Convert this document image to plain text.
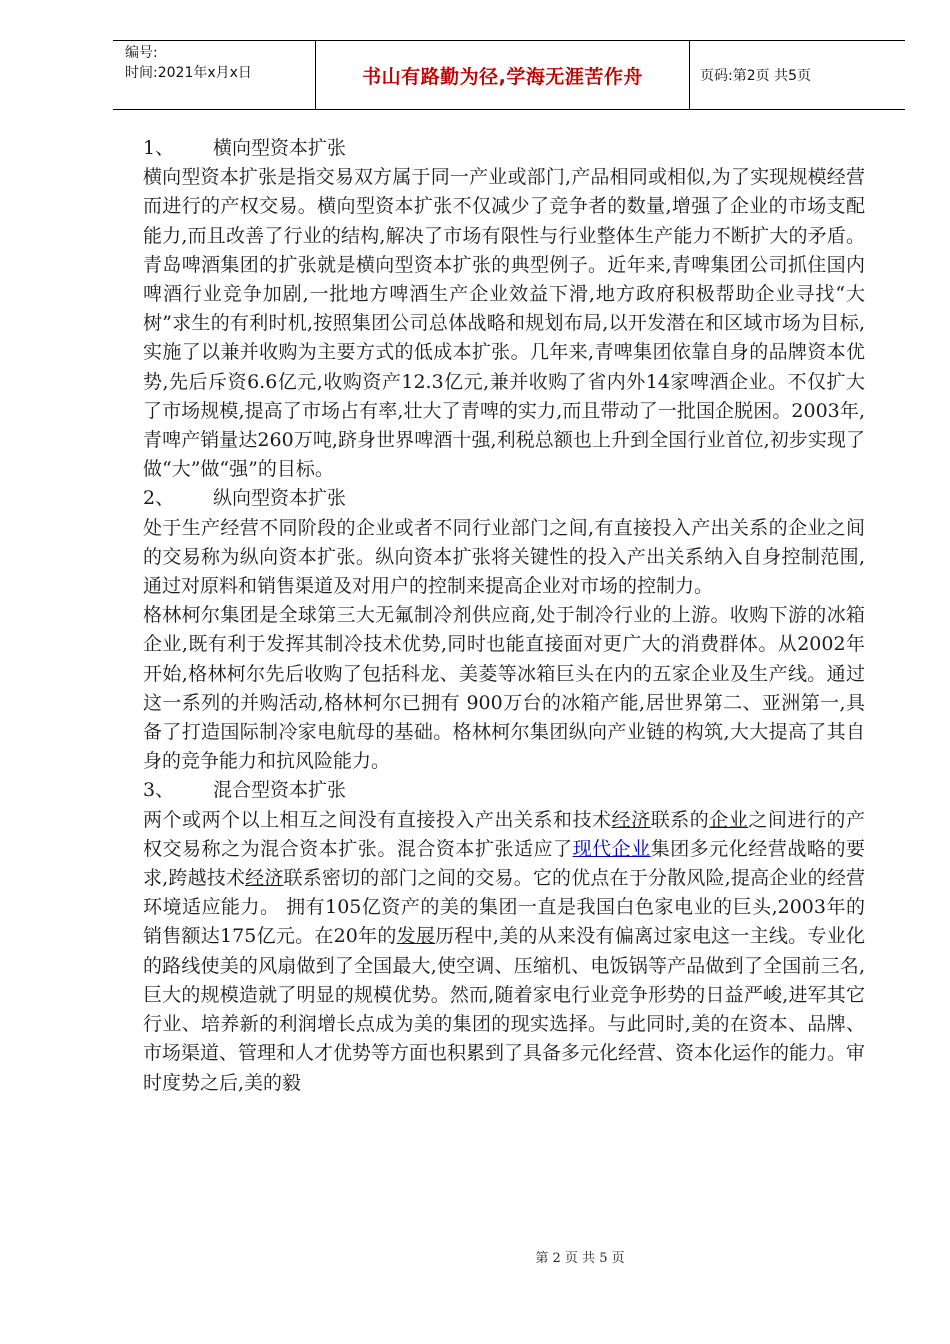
编号:
时间:2021年x月x日	书山有路勤为径,学海无涯苦作舟	页码:第2页 共5页
1、 横向型资本扩张

横向型资本扩张是指交易双方属于同一产业或部门,产品相同或相似,为了实现规模经营而进行的产权交易。横向型资本扩张不仅减少了竞争者的数量,增强了企业的市场支配能力,而且改善了行业的结构,解决了市场有限性与行业整体生产能力不断扩大的矛盾。青岛啤酒集团的扩张就是横向型资本扩张的典型例子。近年来,青啤集团公司抓住国内啤酒行业竞争加剧,一批地方啤酒生产企业效益下滑,地方政府积极帮助企业寻找“大树”求生的有利时机,按照集团公司总体战略和规划布局,以开发潜在和区域市场为目标,实施了以兼并收购为主要方式的低成本扩张。几年来,青啤集团依靠自身的品牌资本优势,先后斥资6.6亿元,收购资产12.3亿元,兼并收购了省内外14家啤酒企业。不仅扩大了市场规模,提高了市场占有率,壮大了青啤的实力,而且带动了一批国企脱困。2003年,青啤产销量达260万吨,跻身世界啤酒十强,利税总额也上升到全国行业首位,初步实现了做“大”做“强”的目标。

2、 纵向型资本扩张

处于生产经营不同阶段的企业或者不同行业部门之间,有直接投入产出关系的企业之间的交易称为纵向资本扩张。纵向资本扩张将关键性的投入产出关系纳入自身控制范围,通过对原料和销售渠道及对用户的控制来提高企业对市场的控制力。

格林柯尔集团是全球第三大无氟制冷剂供应商,处于制冷行业的上游。收购下游的冰箱企业,既有利于发挥其制冷技术优势,同时也能直接面对更广大的消费群体。从2002年开始,格林柯尔先后收购了包括科龙、美菱等冰箱巨头在内的五家企业及生产线。通过这一系列的并购活动,格林柯尔已拥有 900万台的冰箱产能,居世界第二、亚洲第一,具备了打造国际制冷家电航母的基础。格林柯尔集团纵向产业链的构筑,大大提高了其自身的竞争能力和抗风险能力。

3、 混合型资本扩张

两个或两个以上相互之间没有直接投入产出关系和技术经济联系的企业之间进行的产权交易称之为混合资本扩张。混合资本扩张适应了现代企业集团多元化经营战略的要求,跨越技术经济联系密切的部门之间的交易。它的优点在于分散风险,提高企业的经营环境适应能力。 拥有105亿资产的美的集团一直是我国白色家电业的巨头,2003年的销售额达175亿元。在20年的发展历程中,美的从来没有偏离过家电这一主线。专业化的路线使美的风扇做到了全国最大,使空调、压缩机、电饭锅等产品做到了全国前三名,巨大的规模造就了明显的规模优势。然而,随着家电行业竞争形势的日益严峻,进军其它行业、培养新的利润增长点成为美的集团的现实选择。与此同时,美的在资本、品牌、市场渠道、管理和人才优势等方面也积累到了具备多元化经营、资本化运作的能力。审时度势之后,美的毅

第 2 页 共 5 页
